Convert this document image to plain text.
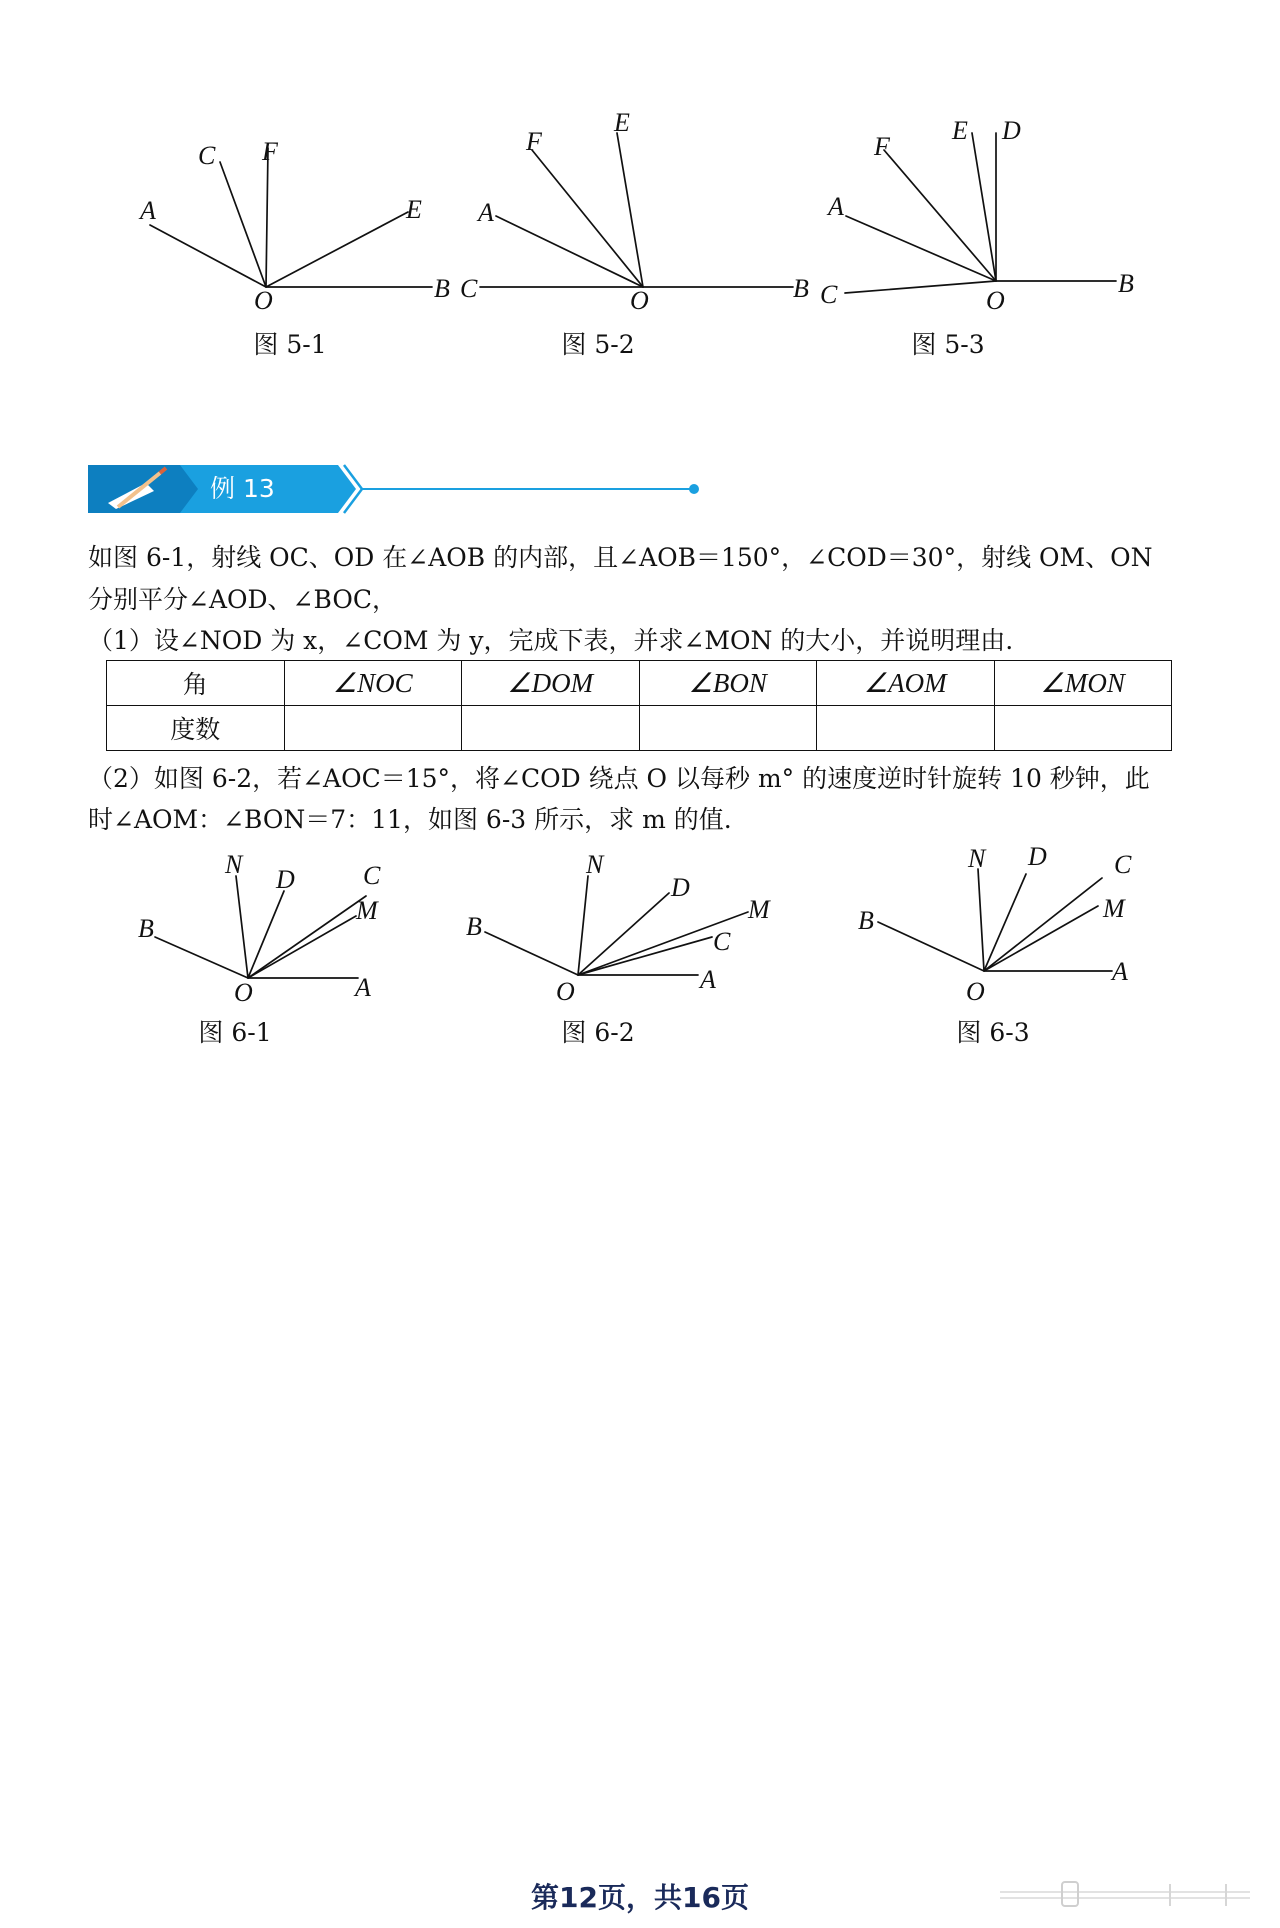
A
C F
E
B
O
图 5-1
F
E
A
C	O	B
图 5-2
F
E D
A
C	O
B
图 5-3
例 13
如图 6-1，射线 OC、OD 在∠AOB 的内部，且∠AOB＝150°，∠COD＝30°，射线 OM、ON
分别平分∠AOD、∠BOC，
（1）设∠NOD 为 x，∠COM 为 y，完成下表，并求∠MON 的大小，并说明理由.
角	∠NOC	∠DOM	∠BON	∠AOM	∠MON
度数					
（2）如图 6-2，若∠AOC＝15°，将∠COD 绕点 O 以每秒 m° 的速度逆时针旋转 10 秒钟，此
时∠AOM：∠BON＝7：11，如图 6-3 所示，求 m 的值.
N
D	C
M
B
O	A
图 6-1
N
D
M
C
B
O	A
图 6-2
N D	C
M
B
O
A
图 6-3
第12页，共16页
